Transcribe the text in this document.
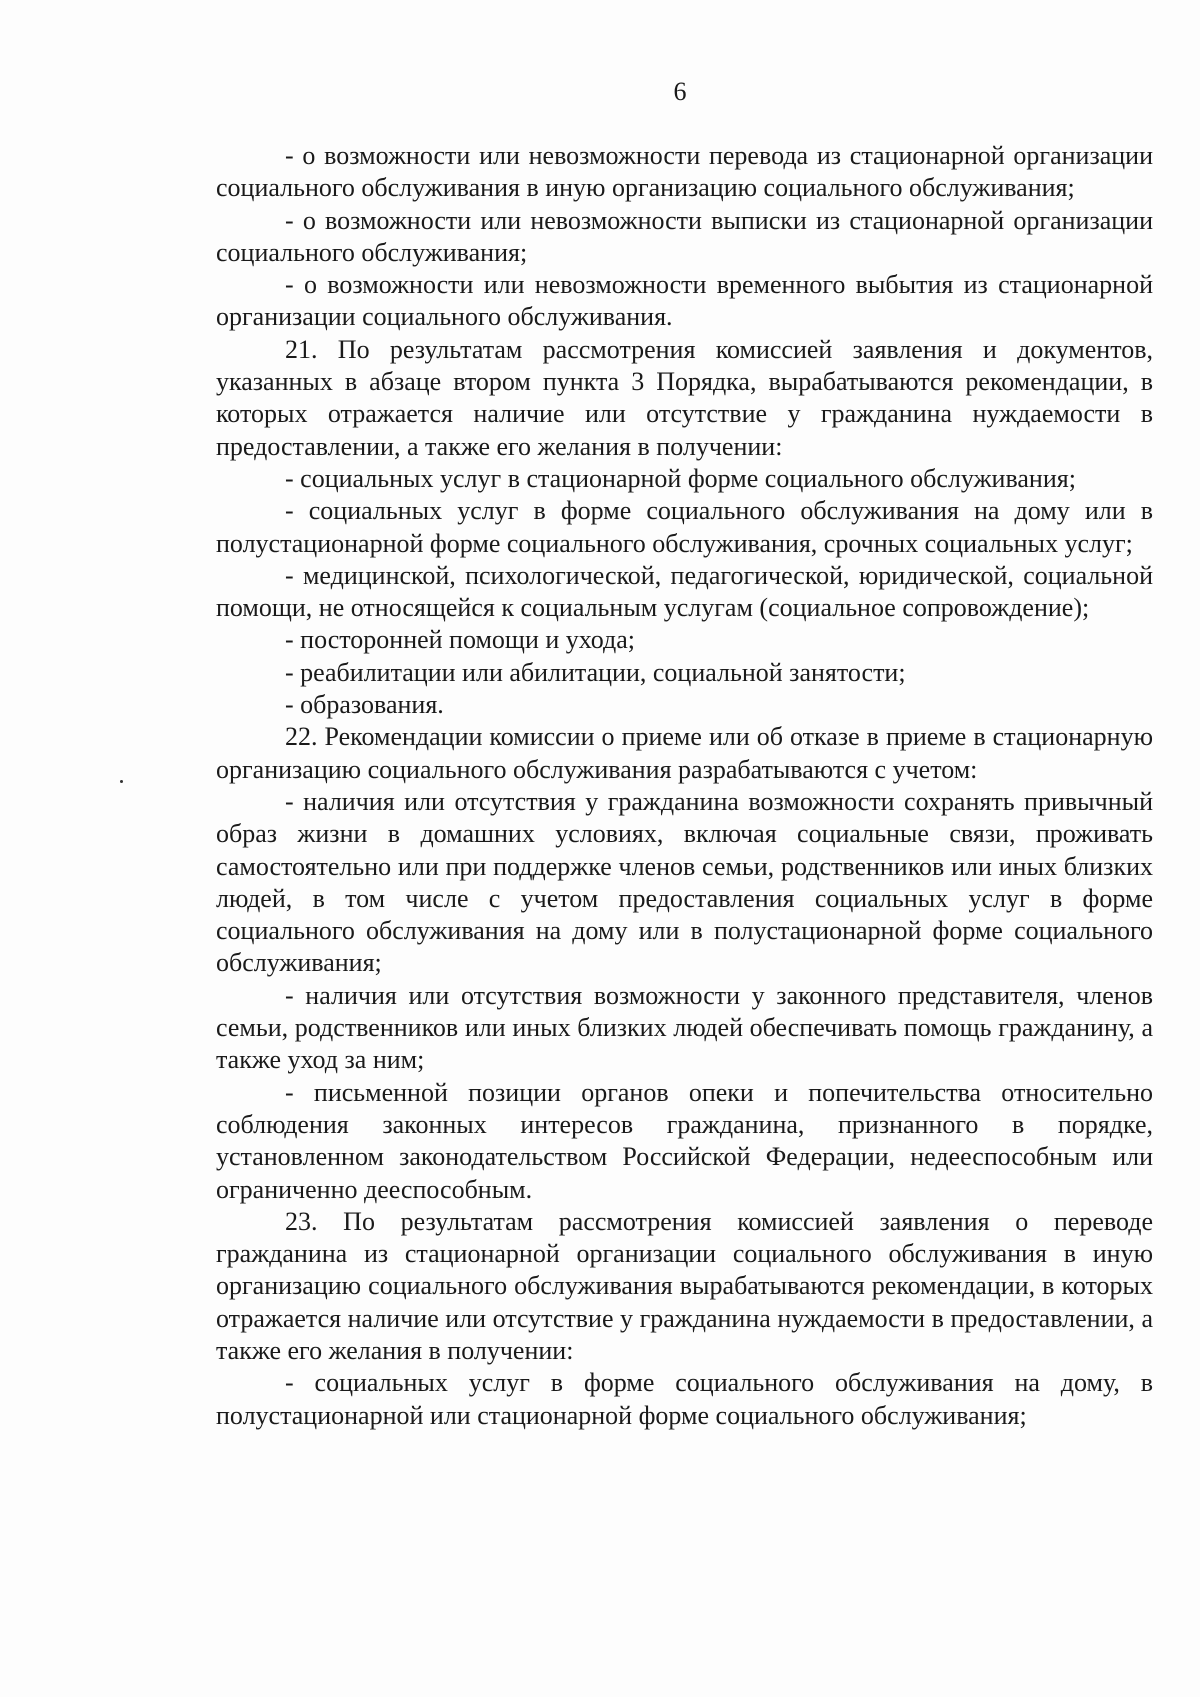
6

- о возможности или невозможности перевода из стационарной организации социального обслуживания в иную организацию социального обслуживания;

- о возможности или невозможности выписки из стационарной организации социального обслуживания;

- о возможности или невозможности временного выбытия из стационарной организации социального обслуживания.

21. По результатам рассмотрения комиссией заявления и документов, указанных в абзаце втором пункта 3 Порядка, вырабатываются рекомендации, в которых отражается наличие или отсутствие у гражданина нуждаемости в предоставлении, а также его желания в получении:

- социальных услуг в стационарной форме социального обслуживания;

- социальных услуг в форме социального обслуживания на дому или в полустационарной форме социального обслуживания, срочных социальных услуг;

- медицинской, психологической, педагогической, юридической, социальной помощи, не относящейся к социальным услугам (социальное сопровождение);

- посторонней помощи и ухода;

- реабилитации или абилитации, социальной занятости;

- образования.

22. Рекомендации комиссии о приеме или об отказе в приеме в стационарную организацию социального обслуживания разрабатываются с учетом:

- наличия или отсутствия у гражданина возможности сохранять привычный образ жизни в домашних условиях, включая социальные связи, проживать самостоятельно или при поддержке членов семьи, родственников или иных близких людей, в том числе с учетом предоставления социальных услуг в форме социального обслуживания на дому или в полустационарной форме социального обслуживания;

- наличия или отсутствия возможности у законного представителя, членов семьи, родственников или иных близких людей обеспечивать помощь гражданину, а также уход за ним;

- письменной позиции органов опеки и попечительства относительно соблюдения законных интересов гражданина, признанного в порядке, установленном законодательством Российской Федерации, недееспособным или ограниченно дееспособным.

23. По результатам рассмотрения комиссией заявления о переводе гражданина из стационарной организации социального обслуживания в иную организацию социального обслуживания вырабатываются рекомендации, в которых отражается наличие или отсутствие у гражданина нуждаемости в предоставлении, а также его желания в получении:

- социальных услуг в форме социального обслуживания на дому, в полустационарной или стационарной форме социального обслуживания;
